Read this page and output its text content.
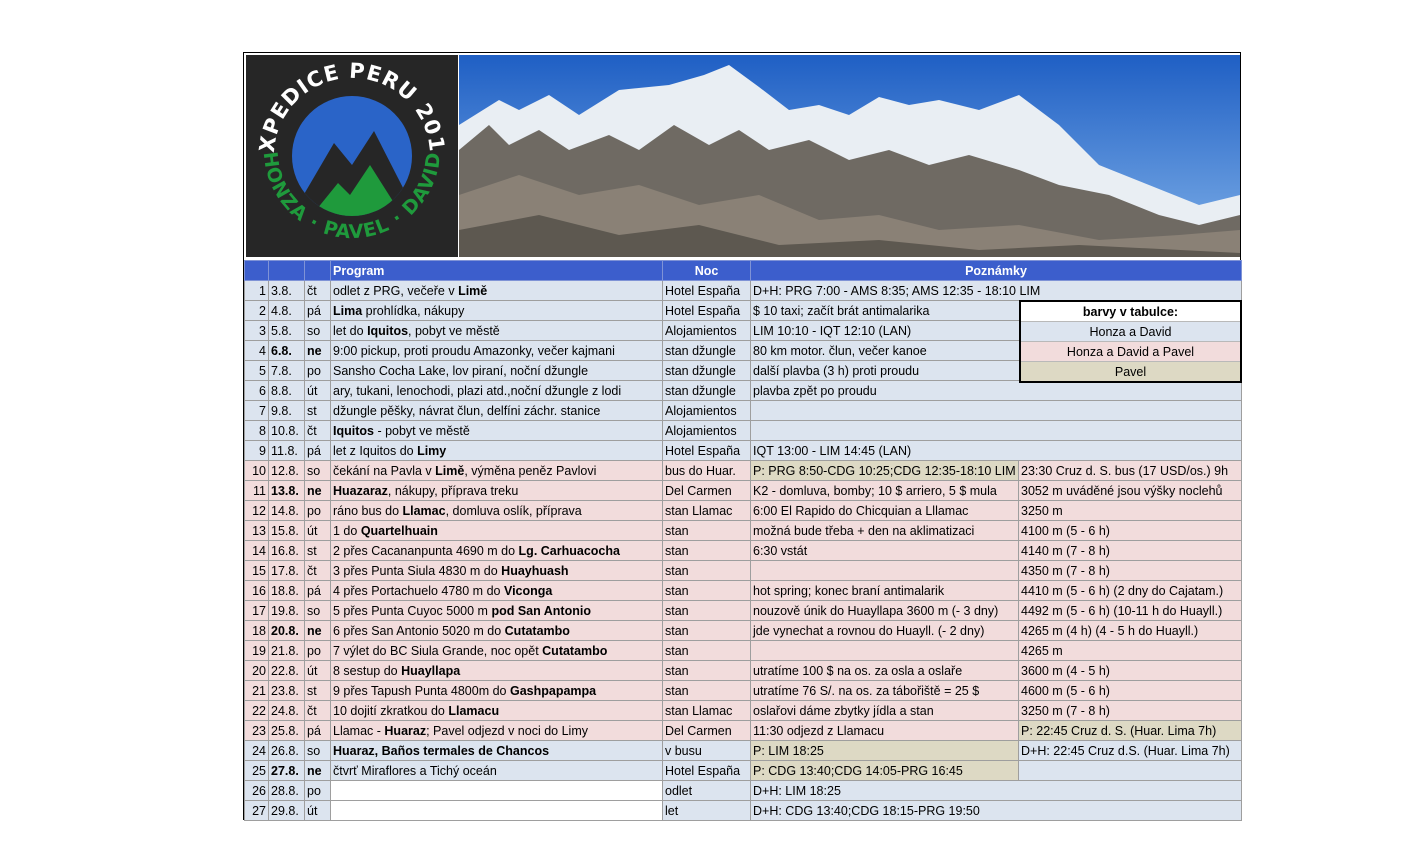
XPEDICE PERU 201
HONZA · PAVEL · DAVID
			Program	Noc	Poznámky	
1	3.8.	čt	odlet z PRG, večeře v Limě	Hotel España	D+H: PRG 7:00 - AMS 8:35; AMS 12:35 - 18:10 LIM	
2	4.8.	pá	Lima prohlídka, nákupy	Hotel España	$ 10 taxi; začít brát antimalarika	
3	5.8.	so	let do Iquitos, pobyt ve městě	Alojamientos	LIM 10:10 - IQT 12:10 (LAN)	
4	6.8.	ne	9:00 pickup, proti proudu Amazonky, večer kajmani	stan džungle	80 km motor. člun, večer kanoe	
5	7.8.	po	Sansho Cocha Lake, lov piraní, noční džungle	stan džungle	další plavba (3 h) proti proudu	
6	8.8.	út	ary, tukani, lenochodi, plazi atd.,noční džungle z lodi	stan džungle	plavba zpět po proudu	
7	9.8.	st	džungle pěšky, návrat člun, delfíni záchr. stanice	Alojamientos		
8	10.8.	čt	Iquitos - pobyt ve městě	Alojamientos		
9	11.8.	pá	let z Iquitos do Limy	Hotel España	IQT 13:00 - LIM 14:45 (LAN)	
10	12.8.	so	čekání na Pavla v Limě, výměna peněz Pavlovi	bus do Huar.	P: PRG 8:50-CDG 10:25;CDG 12:35-18:10 LIM	23:30 Cruz d. S. bus (17 USD/os.) 9h
11	13.8.	ne	Huazaraz, nákupy, příprava treku	Del Carmen	K2 - domluva, bomby; 10 $ arriero, 5 $ mula	3052 m uváděné jsou výšky noclehů
12	14.8.	po	ráno bus do Llamac, domluva oslík, příprava	stan Llamac	6:00 El Rapido do Chicquian a Lllamac	3250 m
13	15.8.	út	1 do Quartelhuain	stan	možná bude třeba + den na aklimatizaci	4100 m (5 - 6 h)
14	16.8.	st	2 přes Cacananpunta 4690 m do Lg. Carhuacocha	stan	6:30 vstát	4140 m (7 - 8 h)
15	17.8.	čt	3 přes Punta Siula 4830 m do Huayhuash	stan		4350 m (7 - 8 h)
16	18.8.	pá	4 přes Portachuelo 4780 m do Viconga	stan	hot spring; konec braní antimalarik	4410 m (5 - 6 h) (2 dny do Cajatam.)
17	19.8.	so	5 přes Punta Cuyoc 5000 m pod San Antonio	stan	nouzově únik do Huayllapa 3600 m (- 3 dny)	4492 m (5 - 6 h) (10-11 h do Huayll.)
18	20.8.	ne	6 přes San Antonio 5020 m do Cutatambo	stan	jde vynechat a rovnou do Huayll. (- 2 dny)	4265 m (4 h) (4 - 5 h do Huayll.)
19	21.8.	po	7 výlet do BC Siula Grande, noc opět Cutatambo	stan		4265 m
20	22.8.	út	8 sestup do Huayllapa	stan	utratíme 100 $ na os. za osla a oslaře	3600 m (4 - 5 h)
21	23.8.	st	9 přes Tapush Punta 4800m do Gashpapampa	stan	utratíme 76 S/. na os. za tábořiště = 25 $	4600 m (5 - 6 h)
22	24.8.	čt	10 dojití zkratkou do Llamacu	stan Llamac	oslařovi dáme zbytky jídla a stan	3250 m (7 - 8 h)
23	25.8.	pá	Llamac - Huaraz; Pavel odjezd v noci do Limy	Del Carmen	11:30 odjezd z Llamacu	P: 22:45 Cruz d. S. (Huar. Lima 7h)
24	26.8.	so	Huaraz, Baños termales de Chancos	v busu	P: LIM 18:25	D+H: 22:45 Cruz d.S. (Huar. Lima 7h)
25	27.8.	ne	čtvrť Miraflores a Tichý oceán	Hotel España	P: CDG 13:40;CDG 14:05-PRG 16:45	
26	28.8.	po		odlet	D+H: LIM 18:25	
27	29.8.	út		let	D+H: CDG 13:40;CDG 18:15-PRG 19:50	
barvy v tabulce:
Honza a David
Honza a David a Pavel
Pavel
